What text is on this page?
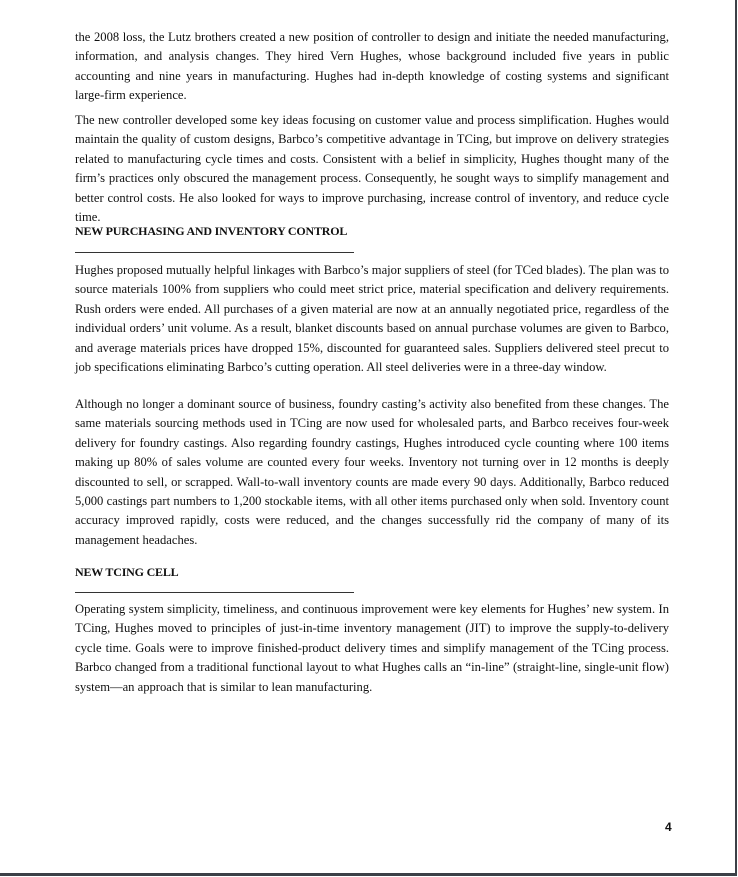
the 2008 loss, the Lutz brothers created a new position of controller to design and initiate the needed manufacturing, information, and analysis changes. They hired Vern Hughes, whose background included five years in public accounting and nine years in manufacturing. Hughes had in-depth knowledge of costing systems and significant large-firm experience.

The new controller developed some key ideas focusing on customer value and process simplification. Hughes would maintain the quality of custom designs, Barbco’s competitive advantage in TCing, but improve on delivery strategies related to manufacturing cycle times and costs. Consistent with a belief in simplicity, Hughes thought many of the firm’s practices only obscured the management process. Consequently, he sought ways to simplify management and better control costs. He also looked for ways to improve purchasing, increase control of inventory, and reduce cycle time.

NEW PURCHASING AND INVENTORY CONTROL

Hughes proposed mutually helpful linkages with Barbco’s major suppliers of steel (for TCed blades). The plan was to source materials 100% from suppliers who could meet strict price, material specification and delivery requirements. Rush orders were ended. All purchases of a given material are now at an annually negotiated price, regardless of the individual orders’ unit volume. As a result, blanket discounts based on annual purchase volumes are given to Barbco, and average materials prices have dropped 15%, discounted for guaranteed sales. Suppliers delivered steel precut to job specifications eliminating Barbco’s cutting operation. All steel deliveries were in a three-day window.

Although no longer a dominant source of business, foundry casting’s activity also benefited from these changes. The same materials sourcing methods used in TCing are now used for wholesaled parts, and Barbco receives four-week delivery for foundry castings. Also regarding foundry castings, Hughes introduced cycle counting where 100 items making up 80% of sales volume are counted every four weeks. Inventory not turning over in 12 months is deeply discounted to sell, or scrapped. Wall-to-wall inventory counts are made every 90 days. Additionally, Barbco reduced 5,000 castings part numbers to 1,200 stockable items, with all other items purchased only when sold. Inventory count accuracy improved rapidly, costs were reduced, and the changes successfully rid the company of many of its management headaches.

NEW TCING CELL

Operating system simplicity, timeliness, and continuous improvement were key elements for Hughes’ new system. In TCing, Hughes moved to principles of just-in-time inventory management (JIT) to improve the supply-to-delivery cycle time. Goals were to improve finished-product delivery times and simplify management of the TCing process. Barbco changed from a traditional functional layout to what Hughes calls an “in-line” (straight-line, single-unit flow) system—an approach that is similar to lean manufacturing.

4
